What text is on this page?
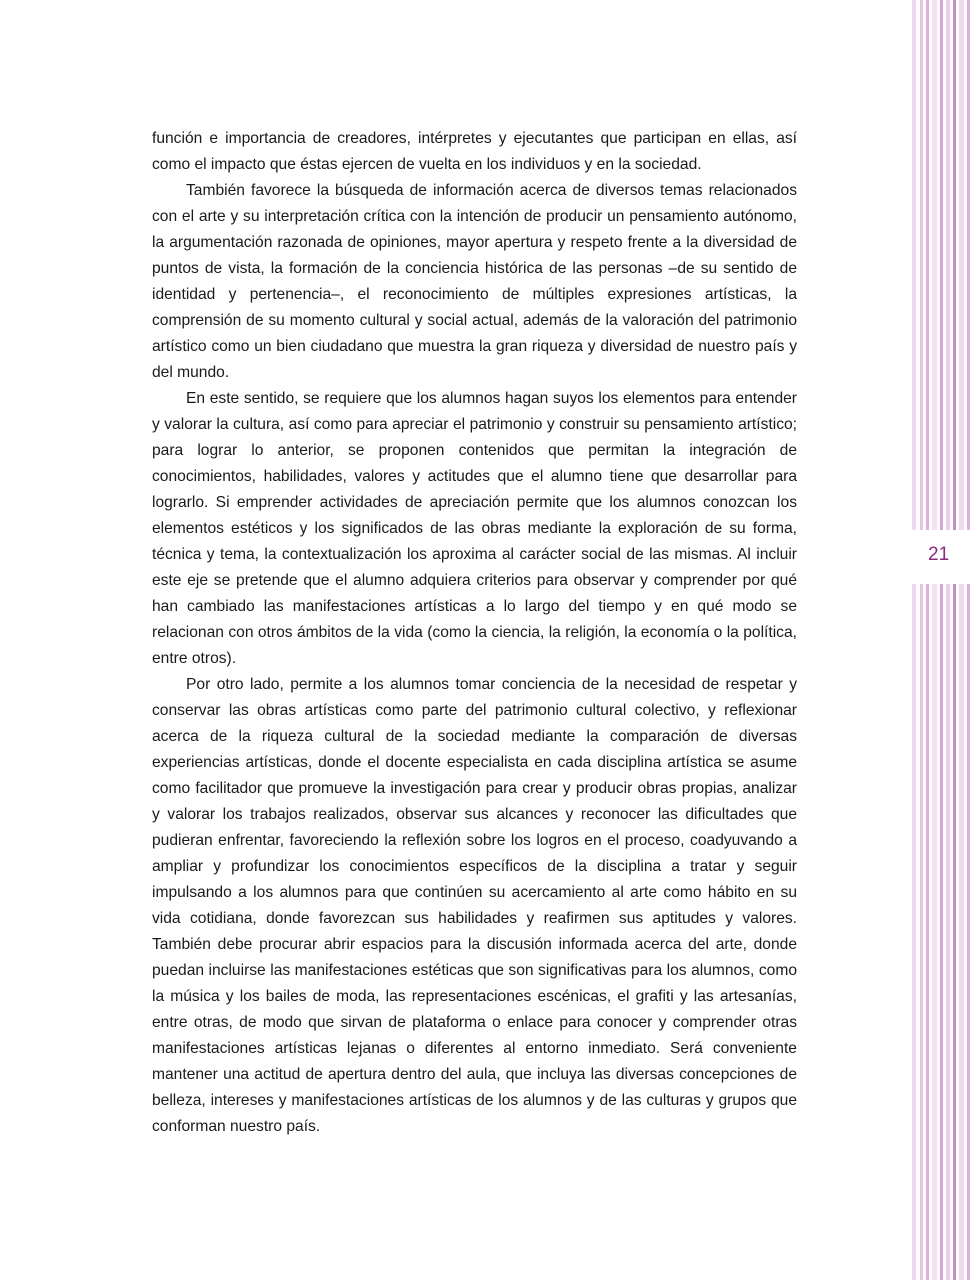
21

función e importancia de creadores, intérpretes y ejecutantes que participan en ellas, así como el impacto que éstas ejercen de vuelta en los individuos y en la sociedad.

También favorece la búsqueda de información acerca de diversos temas relacionados con el arte y su interpretación crítica con la intención de producir un pensamiento autónomo, la argumentación razonada de opiniones, mayor apertura y respeto frente a la diversidad de puntos de vista, la formación de la conciencia histórica de las personas –de su sentido de identidad y pertenencia–, el reconocimiento de múltiples expresiones artísticas, la comprensión de su momento cultural y social actual, además de la valoración del patrimonio artístico como un bien ciudadano que muestra la gran riqueza y diversidad de nuestro país y del mundo.

En este sentido, se requiere que los alumnos hagan suyos los elementos para entender y valorar la cultura, así como para apreciar el patrimonio y construir su pensamiento artístico; para lograr lo anterior, se proponen contenidos que permitan la integración de conocimientos, habilidades, valores y actitudes que el alumno tiene que desarrollar para lograrlo. Si emprender actividades de apreciación permite que los alumnos conozcan los elementos estéticos y los significados de las obras mediante la exploración de su forma, técnica y tema, la contextualización los aproxima al carácter social de las mismas. Al incluir este eje se pretende que el alumno adquiera criterios para observar y comprender por qué han cambiado las manifestaciones artísticas a lo largo del tiempo y en qué modo se relacionan con otros ámbitos de la vida (como la ciencia, la religión, la economía o la política, entre otros).

Por otro lado, permite a los alumnos tomar conciencia de la necesidad de respetar y conservar las obras artísticas como parte del patrimonio cultural colectivo, y reflexionar acerca de la riqueza cultural de la sociedad mediante la comparación de diversas experiencias artísticas, donde el docente especialista en cada disciplina artística se asume como facilitador que promueve la investigación para crear y producir obras propias, analizar y valorar los trabajos realizados, observar sus alcances y reconocer las dificultades que pudieran enfrentar, favoreciendo la reflexión sobre los logros en el proceso, coadyuvando a ampliar y profundizar los conocimientos específicos de la disciplina a tratar y seguir impulsando a los alumnos para que continúen su acercamiento al arte como hábito en su vida cotidiana, donde favorezcan sus habilidades y reafirmen sus aptitudes y valores. También debe procurar abrir espacios para la discusión informada acerca del arte, donde puedan incluirse las manifestaciones estéticas que son significativas para los alumnos, como la música y los bailes de moda, las representaciones escénicas, el grafiti y las artesanías, entre otras, de modo que sirvan de plataforma o enlace para conocer y comprender otras manifestaciones artísticas lejanas o diferentes al entorno inmediato. Será conveniente mantener una actitud de apertura dentro del aula, que incluya las diversas concepciones de belleza, intereses y manifestaciones artísticas de los alumnos y de las culturas y grupos que conforman nuestro país.
